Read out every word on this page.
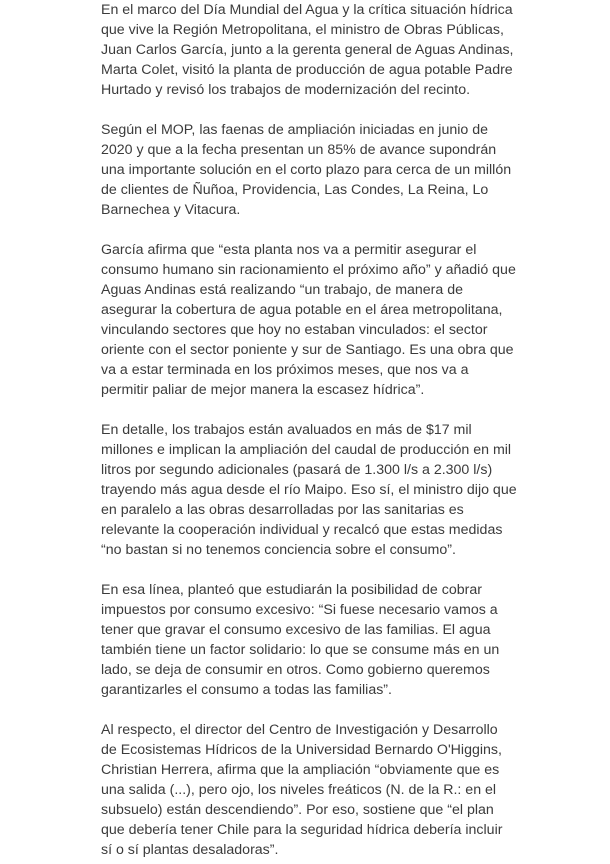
En el marco del Día Mundial del Agua y la crítica situación hídrica
que vive la Región Metropolitana, el ministro de Obras Públicas,
Juan Carlos García, junto a la gerenta general de Aguas Andinas,
Marta Colet, visitó la planta de producción de agua potable Padre
Hurtado y revisó los trabajos de modernización del recinto.

Según el MOP, las faenas de ampliación iniciadas en junio de
2020 y que a la fecha presentan un 85% de avance supondrán
una importante solución en el corto plazo para cerca de un millón
de clientes de Ñuñoa, Providencia, Las Condes, La Reina, Lo
Barnechea y Vitacura.

García afirma que “esta planta nos va a permitir asegurar el
consumo humano sin racionamiento el próximo año” y añadió que
Aguas Andinas está realizando “un trabajo, de manera de
asegurar la cobertura de agua potable en el área metropolitana,
vinculando sectores que hoy no estaban vinculados: el sector
oriente con el sector poniente y sur de Santiago. Es una obra que
va a estar terminada en los próximos meses, que nos va a
permitir paliar de mejor manera la escasez hídrica”.

En detalle, los trabajos están avaluados en más de $17 mil
millones e implican la ampliación del caudal de producción en mil
litros por segundo adicionales (pasará de 1.300 l/s a 2.300 l/s)
trayendo más agua desde el río Maipo. Eso sí, el ministro dijo que
en paralelo a las obras desarrolladas por las sanitarias es
relevante la cooperación individual y recalcó que estas medidas
“no bastan si no tenemos conciencia sobre el consumo”.

En esa línea, planteó que estudiarán la posibilidad de cobrar
impuestos por consumo excesivo: “Si fuese necesario vamos a
tener que gravar el consumo excesivo de las familias. El agua
también tiene un factor solidario: lo que se consume más en un
lado, se deja de consumir en otros. Como gobierno queremos
garantizarles el consumo a todas las familias”.

Al respecto, el director del Centro de Investigación y Desarrollo
de Ecosistemas Hídricos de la Universidad Bernardo O'Higgins,
Christian Herrera, afirma que la ampliación “obviamente que es
una salida (...), pero ojo, los niveles freáticos (N. de la R.: en el
subsuelo) están descendiendo”. Por eso, sostiene que “el plan
que debería tener Chile para la seguridad hídrica debería incluir
sí o sí plantas desaladoras”.
